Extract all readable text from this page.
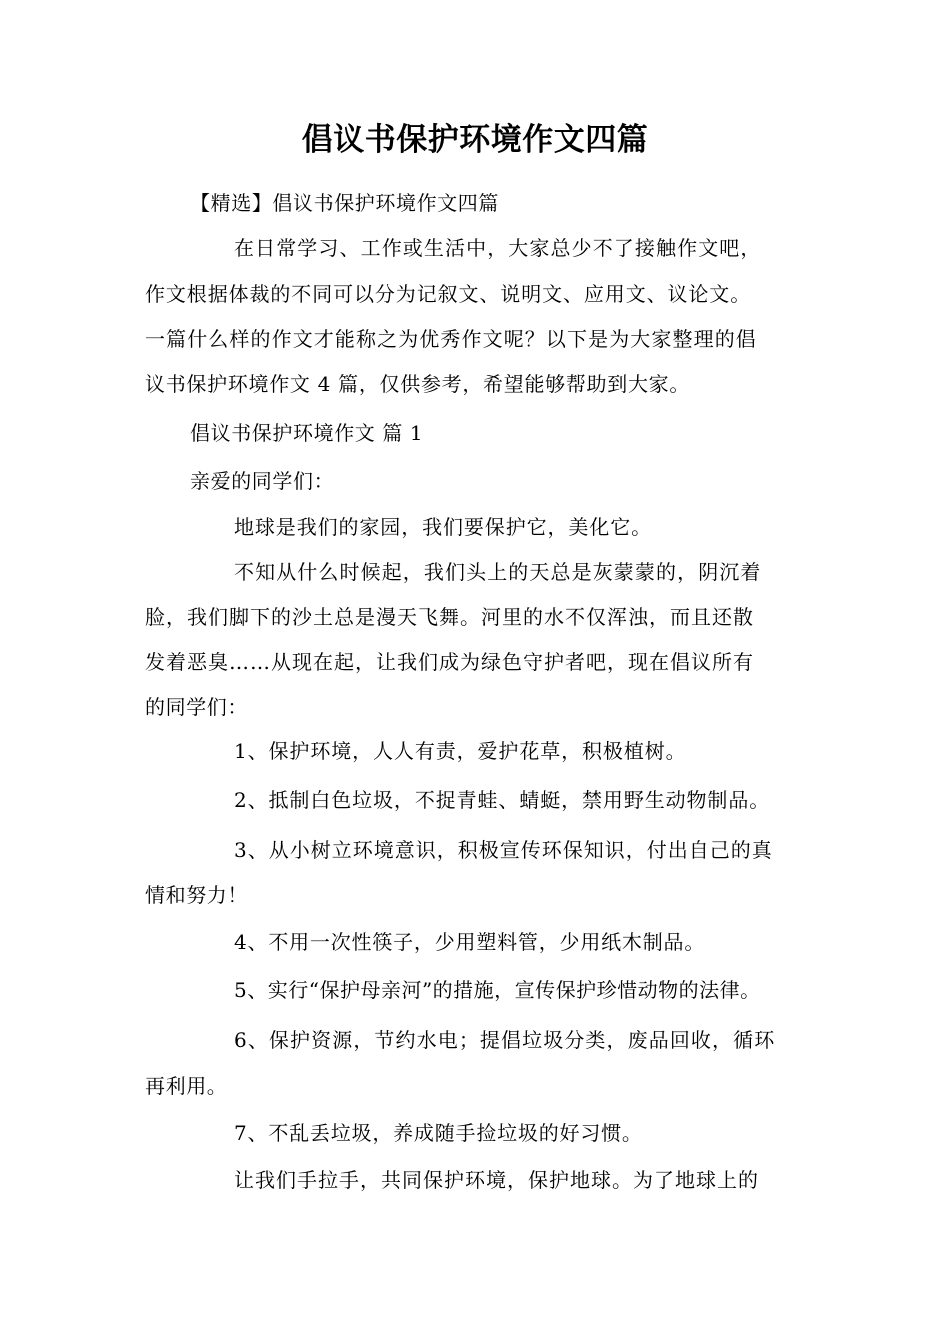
倡议书保护环境作文四篇
【精选】倡议书保护环境作文四篇
在日常学习、工作或生活中，大家总少不了接触作文吧，
作文根据体裁的不同可以分为记叙文、说明文、应用文、议论文。
一篇什么样的作文才能称之为优秀作文呢？以下是为大家整理的倡
议书保护环境作文 4 篇，仅供参考，希望能够帮助到大家。
倡议书保护环境作文 篇 1
亲爱的同学们：
地球是我们的家园，我们要保护它，美化它。
不知从什么时候起，我们头上的天总是灰蒙蒙的，阴沉着
脸，我们脚下的沙土总是漫天飞舞。河里的水不仅浑浊，而且还散
发着恶臭……从现在起，让我们成为绿色守护者吧，现在倡议所有
的同学们：
1、保护环境，人人有责，爱护花草，积极植树。
2、抵制白色垃圾，不捉青蛙、蜻蜓，禁用野生动物制品。
3、从小树立环境意识，积极宣传环保知识，付出自己的真
情和努力！
4、不用一次性筷子，少用塑料管，少用纸木制品。
5、实行“保护母亲河”的措施，宣传保护珍惜动物的法律。
6、保护资源，节约水电；提倡垃圾分类，废品回收，循环
再利用。
7、不乱丢垃圾，养成随手捡垃圾的好习惯。
让我们手拉手，共同保护环境，保护地球。为了地球上的
